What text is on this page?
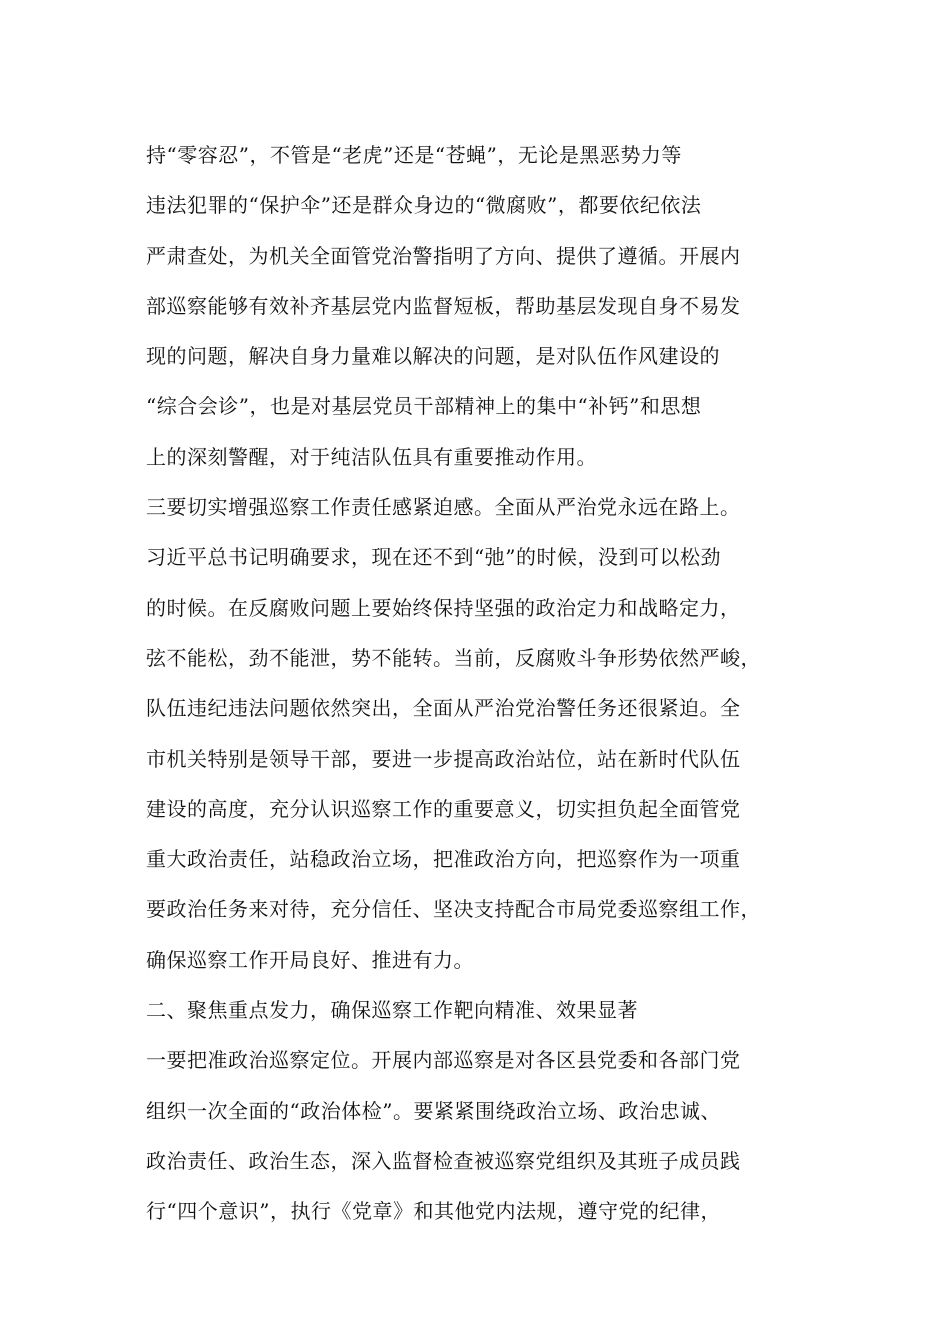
持“零容忍”，不管是“老虎”还是“苍蝇”，无论是黑恶势力等
违法犯罪的“保护伞”还是群众身边的“微腐败”，都要依纪依法
严肃查处，为机关全面管党治警指明了方向、提供了遵循。开展内
部巡察能够有效补齐基层党内监督短板，帮助基层发现自身不易发
现的问题，解决自身力量难以解决的问题，是对队伍作风建设的
“综合会诊”，也是对基层党员干部精神上的集中“补钙”和思想
上的深刻警醒，对于纯洁队伍具有重要推动作用。
三要切实增强巡察工作责任感紧迫感。全面从严治党永远在路上。
习近平总书记明确要求，现在还不到“弛”的时候，没到可以松劲
的时候。在反腐败问题上要始终保持坚强的政治定力和战略定力，
弦不能松，劲不能泄，势不能转。当前，反腐败斗争形势依然严峻，
队伍违纪违法问题依然突出，全面从严治党治警任务还很紧迫。全
市机关特别是领导干部，要进一步提高政治站位，站在新时代队伍
建设的高度，充分认识巡察工作的重要意义，切实担负起全面管党
重大政治责任，站稳政治立场，把准政治方向，把巡察作为一项重
要政治任务来对待，充分信任、坚决支持配合市局党委巡察组工作，
确保巡察工作开局良好、推进有力。
二、聚焦重点发力，确保巡察工作靶向精准、效果显著
一要把准政治巡察定位。开展内部巡察是对各区县党委和各部门党
组织一次全面的“政治体检”。要紧紧围绕政治立场、政治忠诚、
政治责任、政治生态，深入监督检查被巡察党组织及其班子成员践
行“四个意识”，执行《党章》和其他党内法规，遵守党的纪律，
